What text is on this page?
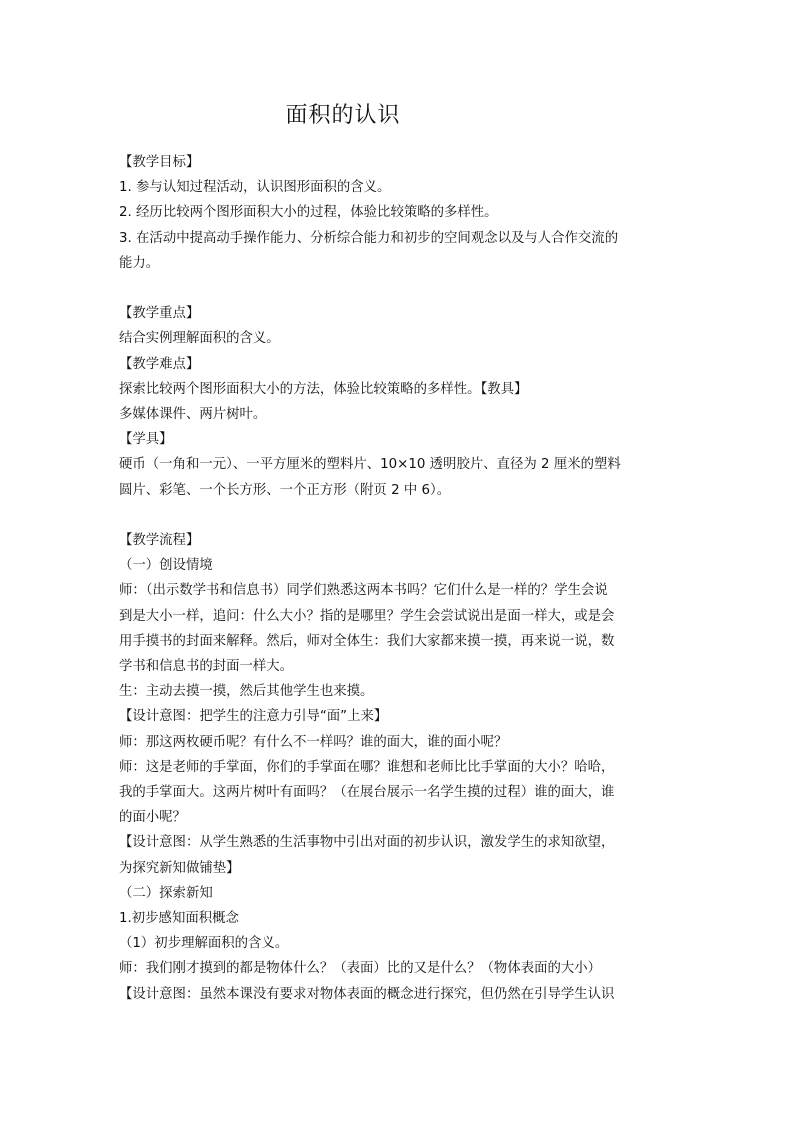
面积的认识

【教学目标】

1. 参与认知过程活动，认识图形面积的含义。

2. 经历比较两个图形面积大小的过程，体验比较策略的多样性。

3. 在活动中提高动手操作能力、分析综合能力和初步的空间观念以及与人合作交流的

能力。

【教学重点】

结合实例理解面积的含义。

【教学难点】

探索比较两个图形面积大小的方法，体验比较策略的多样性。【教具】

多媒体课件、两片树叶。

【学具】

硬币（一角和一元）、一平方厘米的塑料片、10×10 透明胶片、直径为 2 厘米的塑料

圆片、彩笔、一个长方形、一个正方形（附页 2 中 6）。

【教学流程】

（一）创设情境

师：（出示数学书和信息书）同学们熟悉这两本书吗？它们什么是一样的？学生会说

到是大小一样，追问：什么大小？指的是哪里？学生会尝试说出是面一样大，或是会

用手摸书的封面来解释。然后，师对全体生：我们大家都来摸一摸，再来说一说，数

学书和信息书的封面一样大。

生：主动去摸一摸，然后其他学生也来摸。

【设计意图：把学生的注意力引导“面”上来】

师：那这两枚硬币呢？有什么不一样吗？谁的面大，谁的面小呢？

师：这是老师的手掌面，你们的手掌面在哪？谁想和老师比比手掌面的大小？哈哈，

我的手掌面大。这两片树叶有面吗？（在展台展示一名学生摸的过程）谁的面大，谁

的面小呢？

【设计意图：从学生熟悉的生活事物中引出对面的初步认识，激发学生的求知欲望，

为探究新知做铺垫】

（二）探索新知

1.初步感知面积概念

（1）初步理解面积的含义。

师：我们刚才摸到的都是物体什么？（表面）比的又是什么？（物体表面的大小）

【设计意图：虽然本课没有要求对物体表面的概念进行探究，但仍然在引导学生认识
